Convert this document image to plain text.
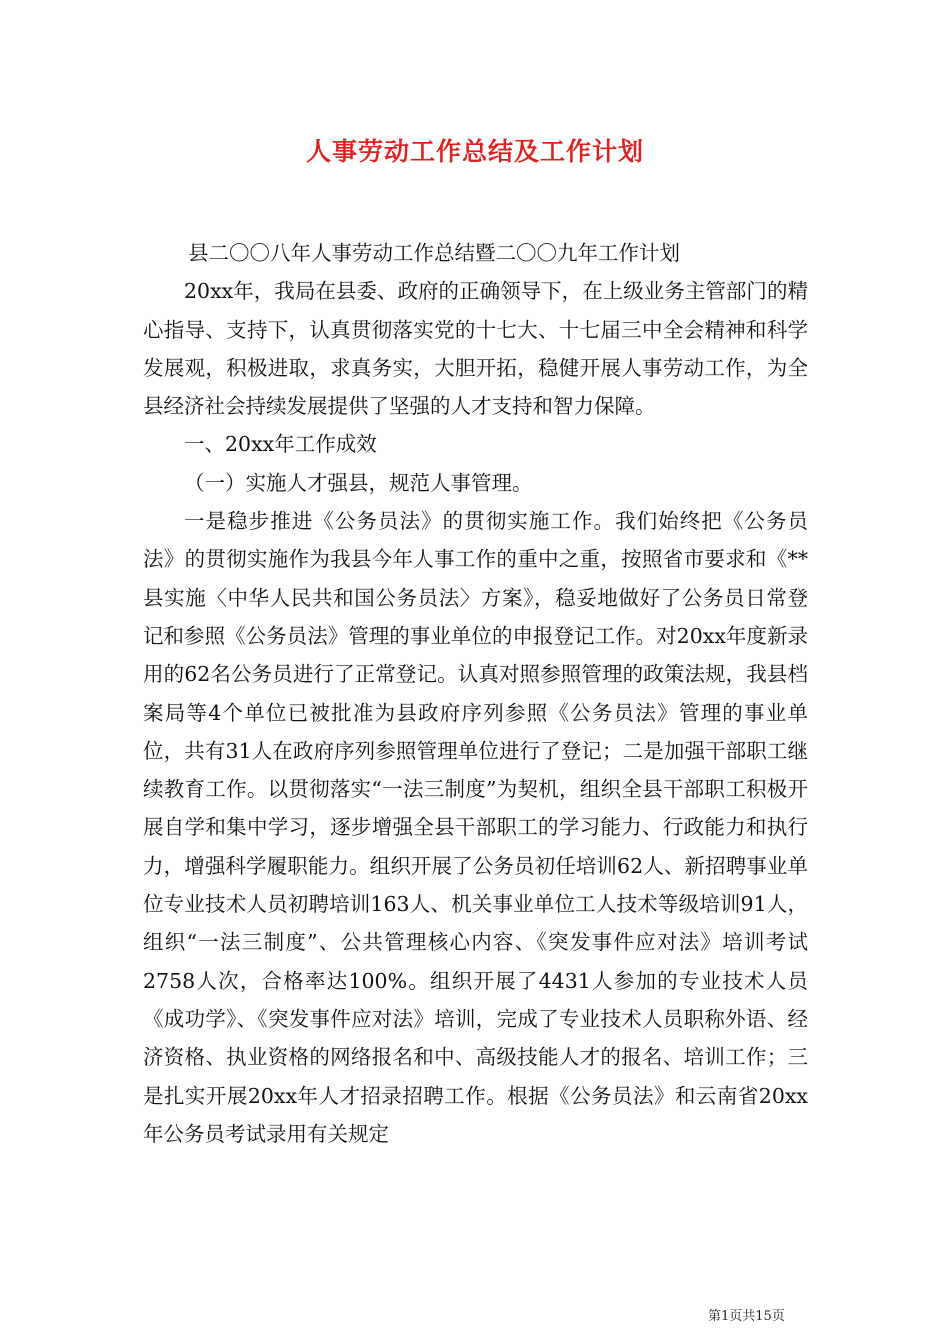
人事劳动工作总结及工作计划

县二〇〇八年人事劳动工作总结暨二〇〇九年工作计划

20xx年，我局在县委、政府的正确领导下，在上级业务主管部门的精心指导、支持下，认真贯彻落实党的十七大、十七届三中全会精神和科学发展观，积极进取，求真务实，大胆开拓，稳健开展人事劳动工作，为全县经济社会持续发展提供了坚强的人才支持和智力保障。

一、20xx年工作成效

（一）实施人才强县，规范人事管理。

一是稳步推进《公务员法》的贯彻实施工作。我们始终把《公务员法》的贯彻实施作为我县今年人事工作的重中之重，按照省市要求和《**县实施〈中华人民共和国公务员法〉方案》，稳妥地做好了公务员日常登记和参照《公务员法》管理的事业单位的申报登记工作。对20xx年度新录用的62名公务员进行了正常登记。认真对照参照管理的政策法规，我县档案局等4个单位已被批准为县政府序列参照《公务员法》管理的事业单位，共有31人在政府序列参照管理单位进行了登记；二是加强干部职工继续教育工作。以贯彻落实“一法三制度”为契机，组织全县干部职工积极开展自学和集中学习，逐步增强全县干部职工的学习能力、行政能力和执行力，增强科学履职能力。组织开展了公务员初任培训62人、新招聘事业单位专业技术人员初聘培训163人、机关事业单位工人技术等级培训91人，组织“一法三制度”、公共管理核心内容、《突发事件应对法》培训考试2758人次，合格率达100%。组织开展了4431人参加的专业技术人员《成功学》、《突发事件应对法》培训，完成了专业技术人员职称外语、经济资格、执业资格的网络报名和中、高级技能人才的报名、培训工作；三是扎实开展20xx年人才招录招聘工作。根据《公务员法》和云南省20xx年公务员考试录用有关规定

第1页共15页
